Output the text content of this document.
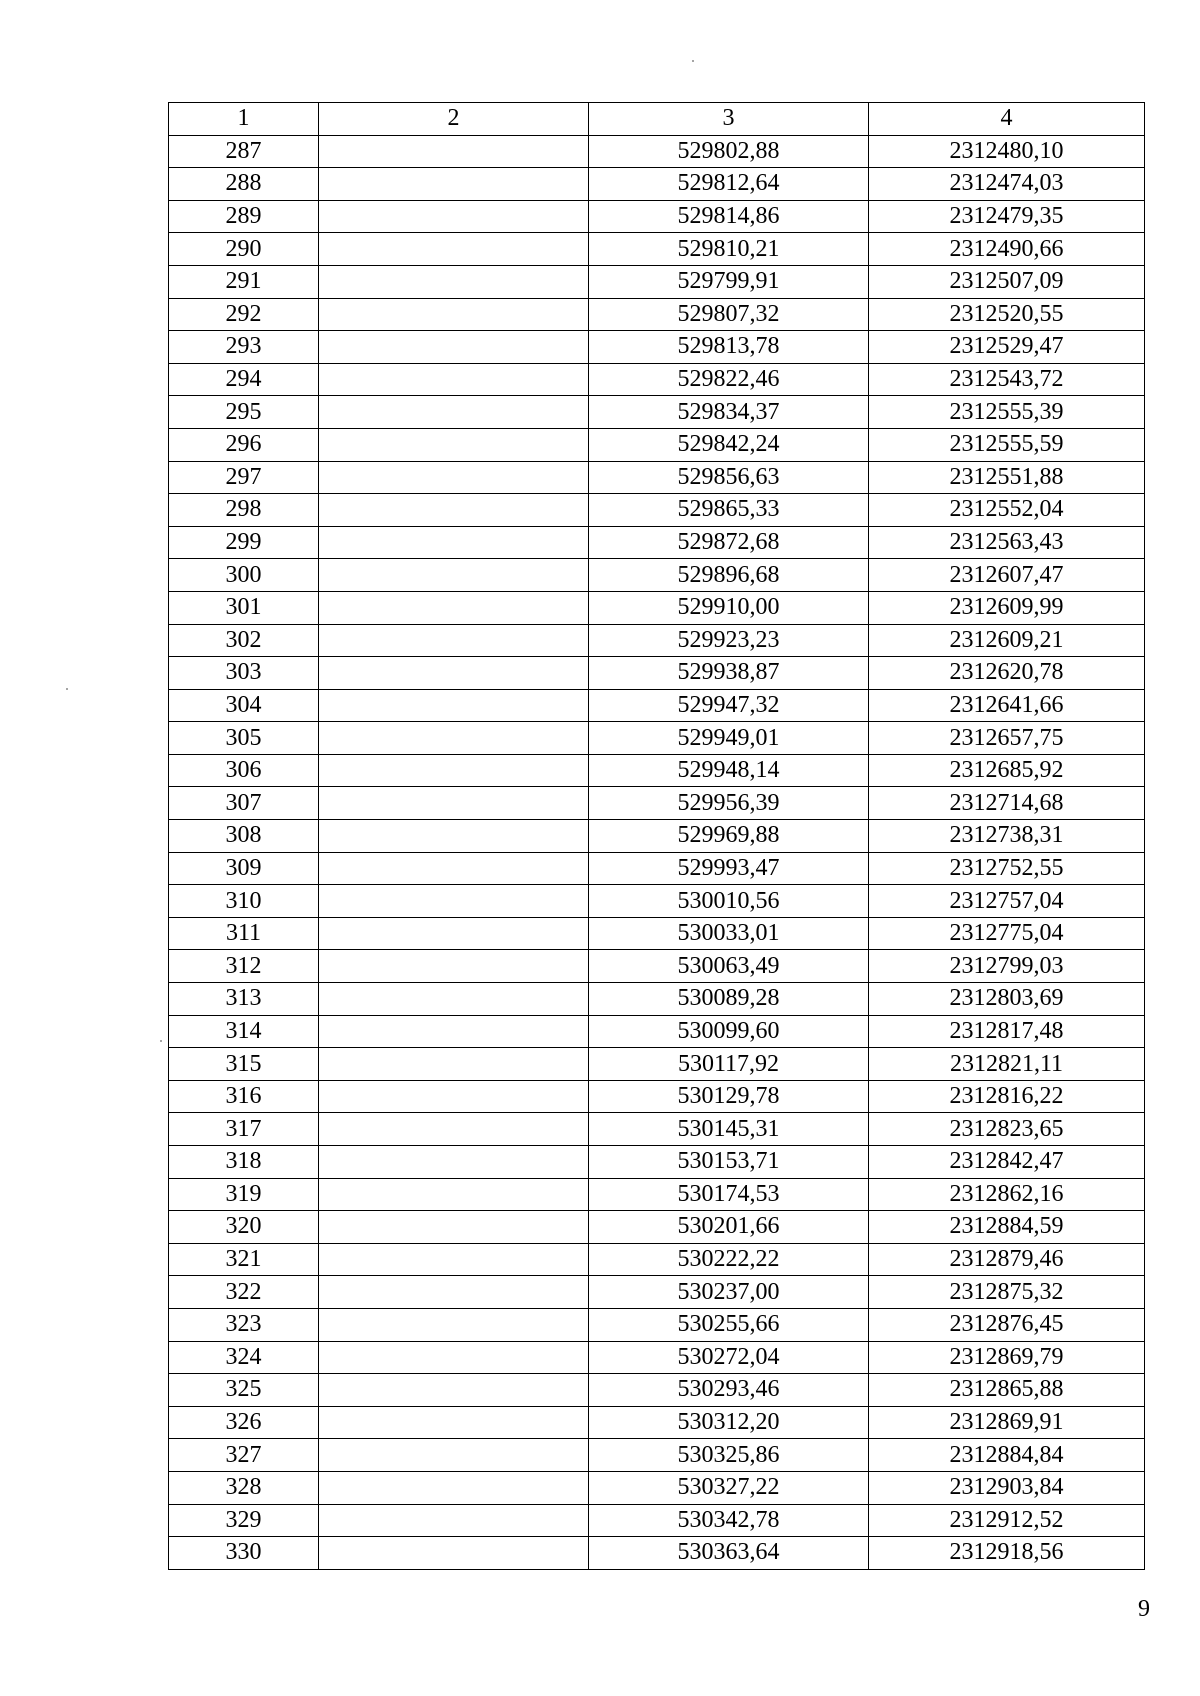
1	2	3	4
287		529802,88	2312480,10
288		529812,64	2312474,03
289		529814,86	2312479,35
290		529810,21	2312490,66
291		529799,91	2312507,09
292		529807,32	2312520,55
293		529813,78	2312529,47
294		529822,46	2312543,72
295		529834,37	2312555,39
296		529842,24	2312555,59
297		529856,63	2312551,88
298		529865,33	2312552,04
299		529872,68	2312563,43
300		529896,68	2312607,47
301		529910,00	2312609,99
302		529923,23	2312609,21
303		529938,87	2312620,78
304		529947,32	2312641,66
305		529949,01	2312657,75
306		529948,14	2312685,92
307		529956,39	2312714,68
308		529969,88	2312738,31
309		529993,47	2312752,55
310		530010,56	2312757,04
311		530033,01	2312775,04
312		530063,49	2312799,03
313		530089,28	2312803,69
314		530099,60	2312817,48
315		530117,92	2312821,11
316		530129,78	2312816,22
317		530145,31	2312823,65
318		530153,71	2312842,47
319		530174,53	2312862,16
320		530201,66	2312884,59
321		530222,22	2312879,46
322		530237,00	2312875,32
323		530255,66	2312876,45
324		530272,04	2312869,79
325		530293,46	2312865,88
326		530312,20	2312869,91
327		530325,86	2312884,84
328		530327,22	2312903,84
329		530342,78	2312912,52
330		530363,64	2312918,56
9
